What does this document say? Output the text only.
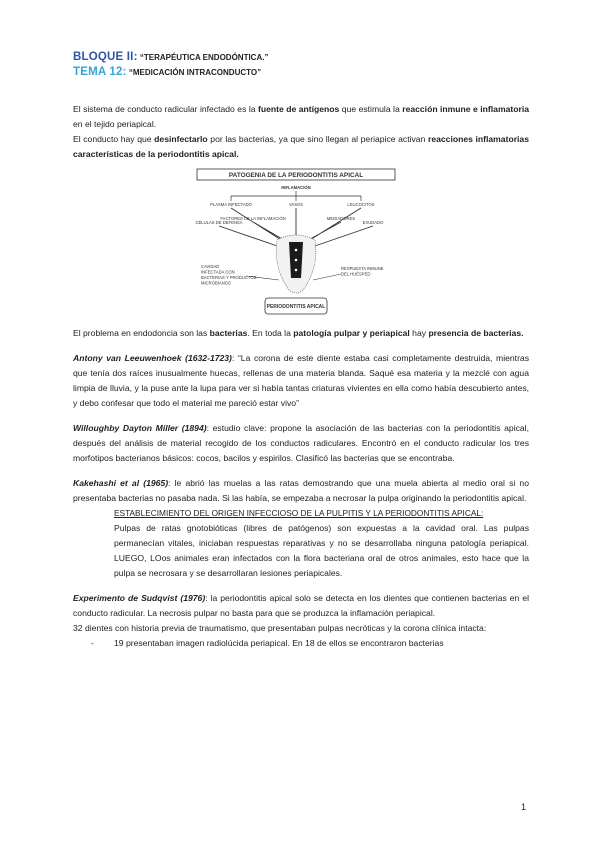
BLOQUE II: “TERAPÉUTICA ENDODÓNTICA.”
TEMA 12: “MEDICACIÓN INTRACONDUCTO”

El sistema de conducto radicular infectado es la fuente de antígenos que estimula la reacción inmune e inflamatoria en el tejido periapical.

El conducto hay que desinfectarlo por las bacterias, ya que sino llegan al periapice activan reacciones inflamatorias características de la periodontitis apical.

PATOGENIA DE LA PERIODONTITIS APICAL
INFLAMACIÓN
PLASMA INFECTADO	VASOS	LEUCOCITOS
CÉLULAS DE DEFENSA
FACTORES DE LA INFLAMACIÓN	MEDIADORES
EXUDADO
CAVIDAD INFECTADA CON BACTERIAS Y PRODUCTOS MICROBIANOS
RESPUESTA INMUNE DEL HUÉSPED
PERIODONTITIS APICAL

El problema en endodoncia son las bacterias. En toda la patología pulpar y periapical hay presencia de bacterias.

Antony van Leeuwenhoek (1632-1723): “La corona de este diente estaba casi completamente destruida, mientras que tenía dos raíces inusualmente huecas, rellenas de una materia blanda. Saqué esa materia y la mezclé con agua limpia de lluvia, y la puse ante la lupa para ver si había tantas criaturas vivientes en ella como había descubierto antes, y debo confesar que todo el material me pareció estar vivo”

Willoughby Dayton Miller (1894): estudio clave: propone la asociación de las bacterias con la periodontitis apical, después del análisis de material recogido de los conductos radiculares. Encontró en el conducto radicular los tres morfotipos bacterianos básicos: cocos, bacilos y espirilos. Clasificó las bacterias que se encontraba.

Kakehashi et al (1965): le abrió las muelas a las ratas demostrando que una muela abierta al medio oral si no presentaba bacterias no pasaba nada. Si las había, se empezaba a necrosar la pulpa originando la periodontitis apical.

ESTABLECIMIENTO DEL ORIGEN INFECCIOSO DE LA PULPITIS Y LA PERIODONTITIS APICAL:

Pulpas de ratas gnotobióticas (libres de patógenos) son expuestas a la cavidad oral. Las pulpas permanecían vitales, iniciaban respuestas reparativas y no se desarrollaba ninguna patología periapical. LUEGO, LOos animales eran infectados con la flora bacteriana oral de otros animales, esto hace que la pulpa se necrosara y se desarrollaran lesiones periapicales.

Experimento de Sudqvist (1976): la periodontitis apical solo se detecta en los dientes que contienen bacterias en el conducto radicular. La necrosis pulpar no basta para que se produzca la inflamación periapical.

32 dientes con historia previa de traumatismo, que presentaban pulpas necróticas y la corona clínica intacta:

- 19 presentaban imagen radiolúcida periapical. En 18 de ellos se encontraron bacterias
1
